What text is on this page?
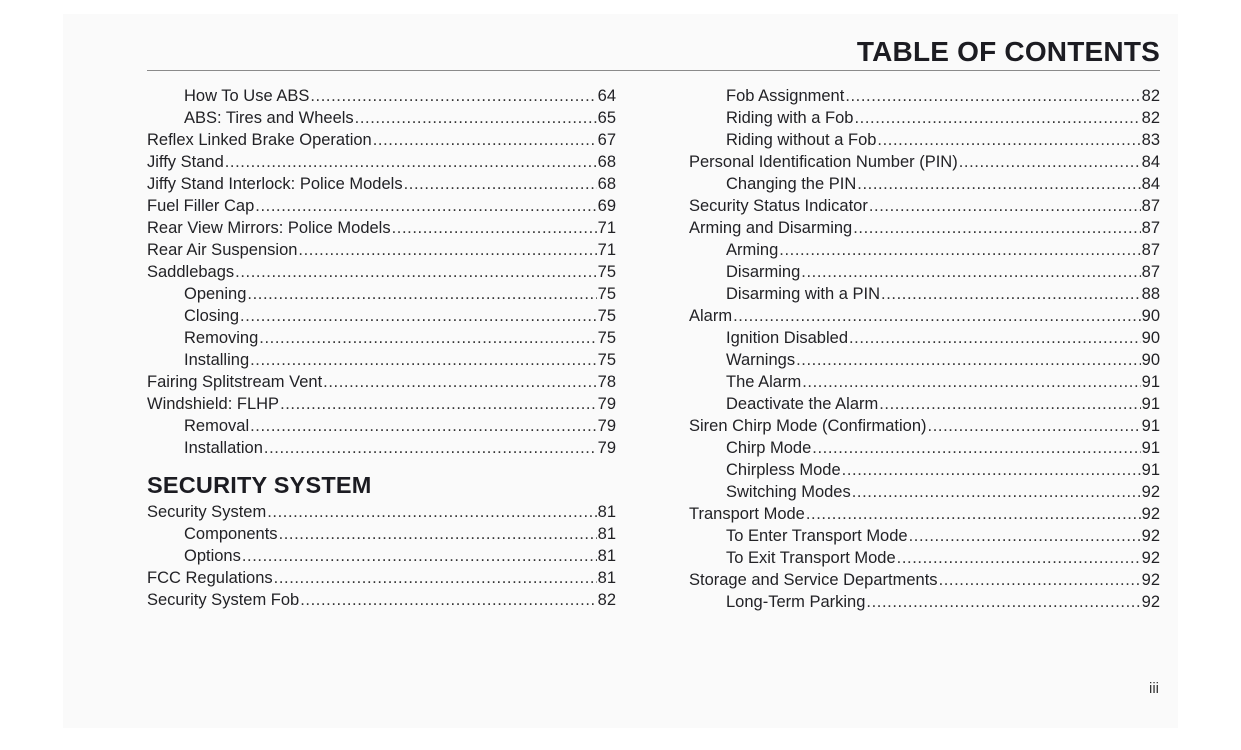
TABLE OF CONTENTS
How To Use ABS .....	64
ABS: Tires and Wheels .....	65
Reflex Linked Brake Operation .....	67
Jiffy Stand .....	68
Jiffy Stand Interlock: Police Models .....	68
Fuel Filler Cap .....	69
Rear View Mirrors: Police Models .....	71
Rear Air Suspension .....	71
Saddlebags .....	75
Opening .....	75
Closing .....	75
Removing .....	75
Installing .....	75
Fairing Splitstream Vent .....	78
Windshield: FLHP .....	79
Removal .....	79
Installation .....	79
SECURITY SYSTEM
Security System .....	81
Components .....	81
Options .....	81
FCC Regulations .....	81
Security System Fob .....	82
Fob Assignment .....	82
Riding with a Fob .....	82
Riding without a Fob .....	83
Personal Identification Number (PIN) .....	84
Changing the PIN .....	84
Security Status Indicator .....	87
Arming and Disarming .....	87
Arming .....	87
Disarming .....	87
Disarming with a PIN .....	88
Alarm .....	90
Ignition Disabled .....	90
Warnings .....	90
The Alarm .....	91
Deactivate the Alarm .....	91
Siren Chirp Mode (Confirmation) .....	91
Chirp Mode .....	91
Chirpless Mode .....	91
Switching Modes .....	92
Transport Mode .....	92
To Enter Transport Mode .....	92
To Exit Transport Mode .....	92
Storage and Service Departments .....	92
Long-Term Parking .....	92
iii
